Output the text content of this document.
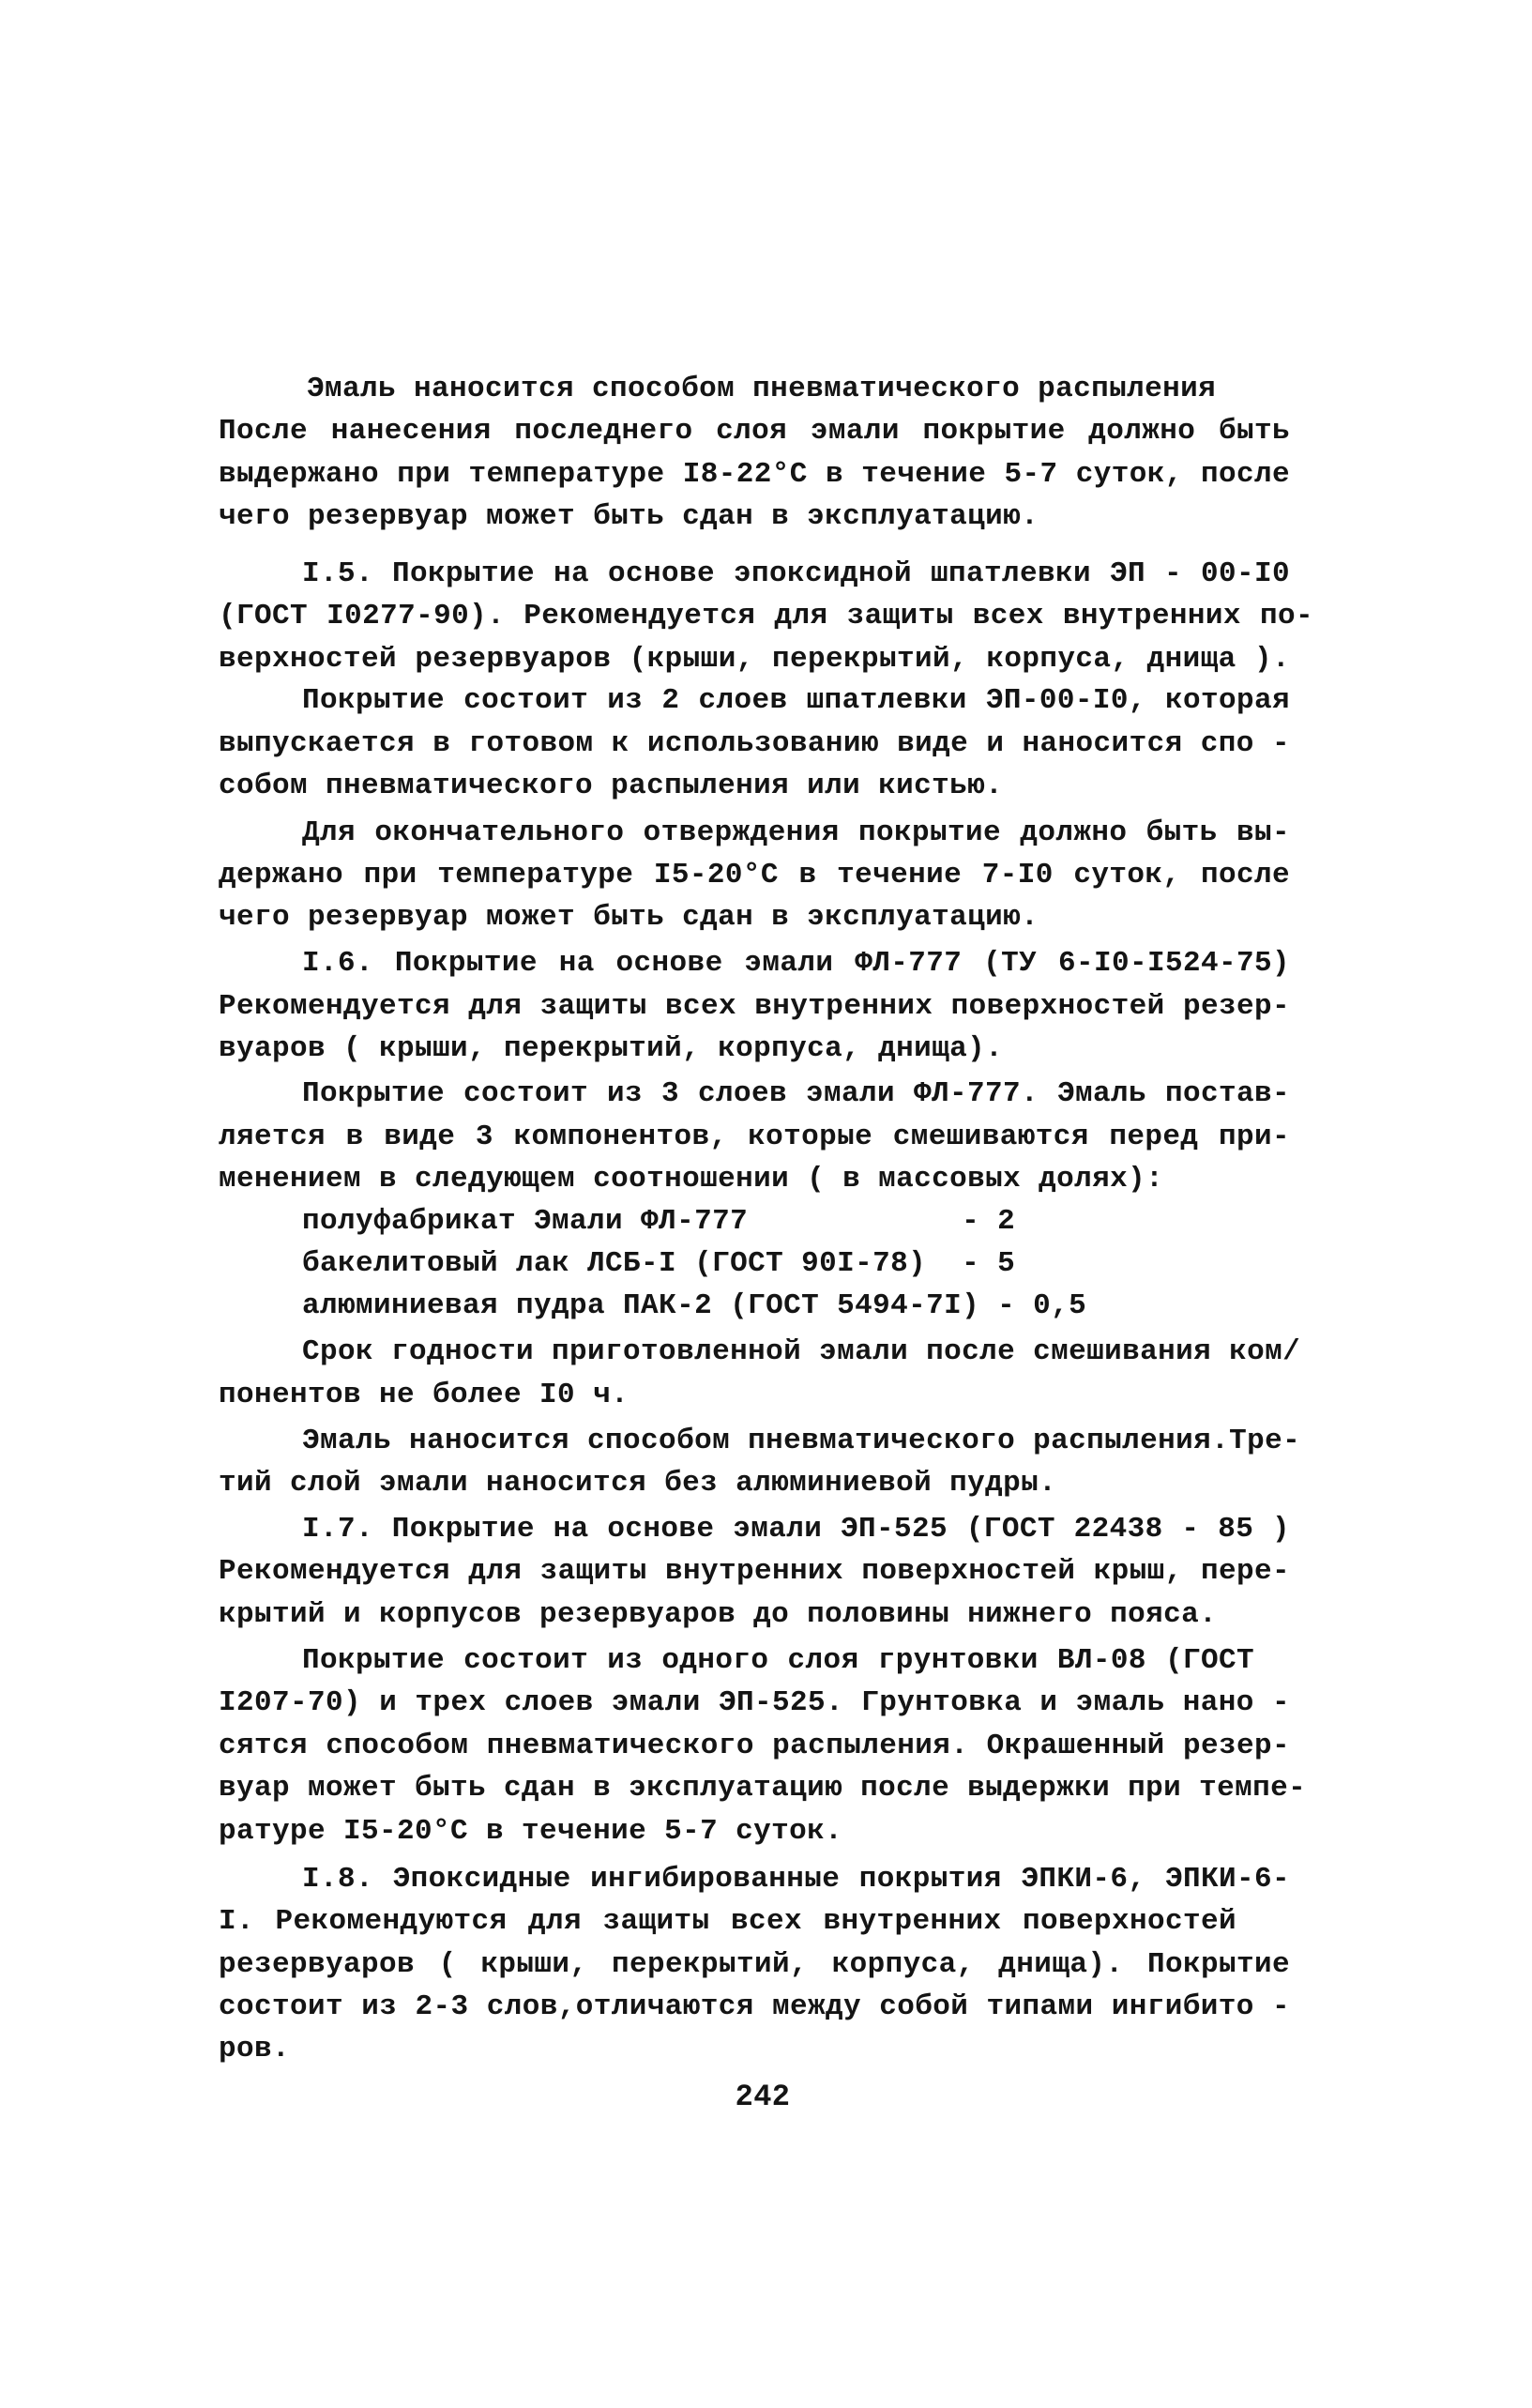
Эмаль наносится способом пневматического распыления
После нанесения последнего слоя эмали покрытие должно быть
выдержано при температуре I8-22°С в течение 5-7 суток, после
чего резервуар может быть сдан в эксплуатацию.
I.5. Покрытие на основе эпоксидной шпатлевки ЭП - 00-I0
(ГОСТ I0277-90). Рекомендуется для защиты всех внутренних по-
верхностей резервуаров (крыши, перекрытий, корпуса, днища ).
Покрытие состоит из 2 слоев шпатлевки ЭП-00-I0, которая
выпускается в готовом к использованию виде и наносится спо -
собом пневматического распыления или кистью.
Для окончательного отверждения покрытие должно быть вы-
держано при температуре I5-20°С в течение 7-I0 суток, после
чего резервуар может быть сдан в эксплуатацию.
I.6. Покрытие на основе эмали ФЛ-777 (ТУ 6-I0-I524-75)
Рекомендуется для защиты всех внутренних поверхностей резер-
вуаров ( крыши, перекрытий, корпуса, днища).
Покрытие состоит из 3 слоев эмали ФЛ-777. Эмаль постав-
ляется в виде 3 компонентов, которые смешиваются перед при-
менением в следующем соотношении ( в массовых долях):
полуфабрикат Эмали ФЛ-777            - 2
бакелитовый лак ЛСБ-I (ГОСТ 90I-78)  - 5
алюминиевая пудра ПАК-2 (ГОСТ 5494-7I) - 0,5
Срок годности приготовленной эмали после смешивания ком/
понентов не более I0 ч.
Эмаль наносится способом пневматического распыления.Тре-
тий слой эмали наносится без алюминиевой пудры.
I.7. Покрытие на основе эмали ЭП-525 (ГОСТ 22438 - 85 )
Рекомендуется для защиты внутренних поверхностей крыш, пере-
крытий и корпусов резервуаров до половины нижнего пояса.
Покрытие состоит из одного слоя грунтовки ВЛ-08 (ГОСТ
I207-70) и трех слоев эмали ЭП-525. Грунтовка и эмаль нано -
сятся способом пневматического распыления. Окрашенный резер-
вуар может быть сдан в эксплуатацию после выдержки при темпе-
ратуре I5-20°С в течение 5-7 суток.
I.8. Эпоксидные ингибированные покрытия ЭПКИ-6, ЭПКИ-6-
I. Рекомендуются для защиты всех внутренних поверхностей
резервуаров ( крыши, перекрытий, корпуса, днища). Покрытие
состоит из 2-3 слов,отличаются между собой типами ингибито -
ров.
242
